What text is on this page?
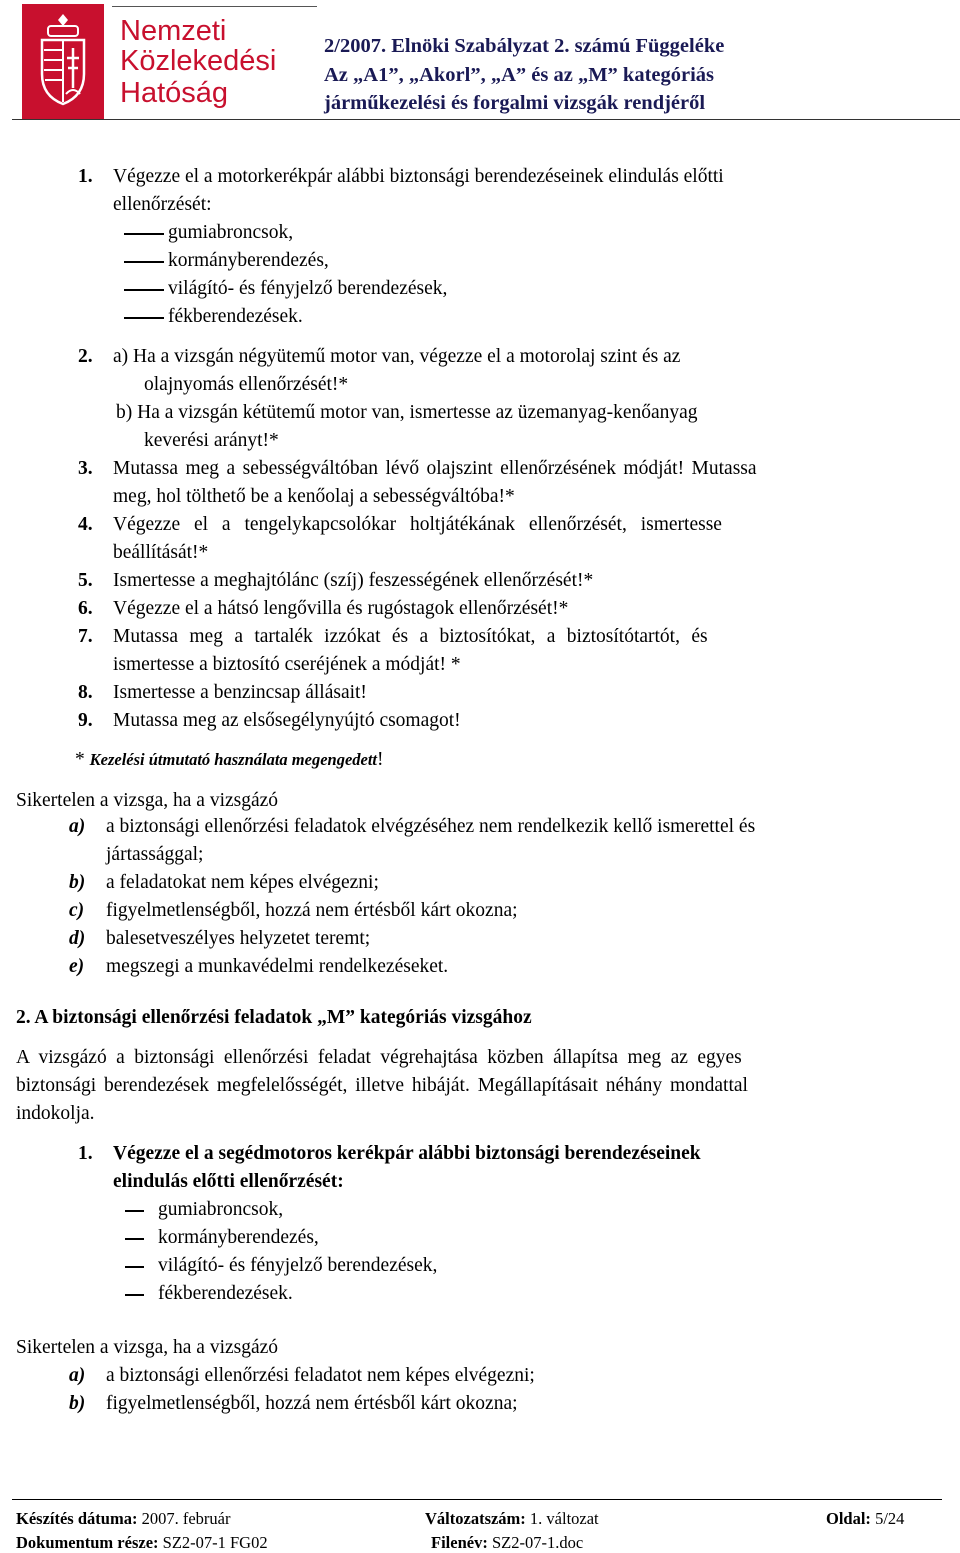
Nemzeti
Közlekedési
Hatóság
2/2007. Elnöki Szabályzat 2. számú Függeléke
Az „A1”, „Akorl”, „A” és az „M” kategóriás
járműkezelési és forgalmi vizsgák rendjéről
1. Végezze el a motorkerékpár alábbi biztonsági berendezéseinek elindulás előtti
ellenőrzését:
gumiabroncsok,
kormányberendezés,
világító- és fényjelző berendezések,
fékberendezések.
2. a) Ha a vizsgán négyütemű motor van, végezze el a motorolaj szint és az
olajnyomás ellenőrzését!*
b) Ha a vizsgán kétütemű motor van, ismertesse az üzemanyag-kenőanyag
keverési arányt!*
3. Mutassa meg a sebességváltóban lévő olajszint ellenőrzésének módját! Mutassa
meg, hol tölthető be a kenőolaj a sebességváltóba!*
4. Végezze el a tengelykapcsolókar holtjátékának ellenőrzését, ismertesse
beállítását!*
5. Ismertesse a meghajtólánc (szíj) feszességének ellenőrzését!*
6. Végezze el a hátsó lengővilla és rugóstagok ellenőrzését!*
7. Mutassa meg a tartalék izzókat és a biztosítókat, a biztosítótartót, és
ismertesse a biztosító cseréjének a módját! *
8. Ismertesse a benzincsap állásait!
9. Mutassa meg az elsősegélynyújtó csomagot!
* Kezelési útmutató használata megengedett!
Sikertelen a vizsga, ha a vizsgázó
a) a biztonsági ellenőrzési feladatok elvégzéséhez nem rendelkezik kellő ismerettel és
jártassággal;
b) a feladatokat nem képes elvégezni;
c) figyelmetlenségből, hozzá nem értésből kárt okozna;
d) balesetveszélyes helyzetet teremt;
e) megszegi a munkavédelmi rendelkezéseket.
2. A biztonsági ellenőrzési feladatok „M” kategóriás vizsgához
A vizsgázó a biztonsági ellenőrzési feladat végrehajtása közben állapítsa meg az egyes
biztonsági berendezések megfelelősségét, illetve hibáját. Megállapításait néhány mondattal
indokolja.
1. Végezze el a segédmotoros kerékpár alábbi biztonsági berendezéseinek
elindulás előtti ellenőrzését:
gumiabroncsok,
kormányberendezés,
világító- és fényjelző berendezések,
fékberendezések.
Sikertelen a vizsga, ha a vizsgázó
a) a biztonsági ellenőrzési feladatot nem képes elvégezni;
b) figyelmetlenségből, hozzá nem értésből kárt okozna;
Készítés dátuma: 2007. február	Változatszám: 1. változat	Oldal: 5/24
Dokumentum része: SZ2-07-1 FG02	Filenév: SZ2-07-1.doc
